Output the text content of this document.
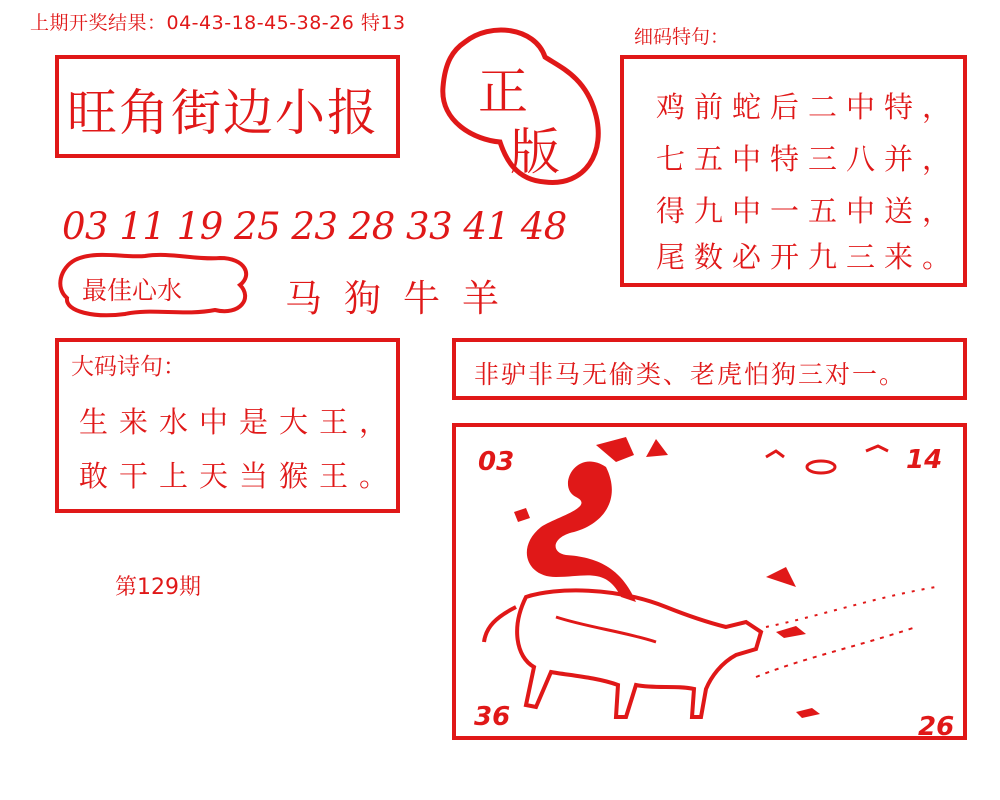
上期开奖结果：04-43-18-45-38-26 特13
旺角街边小报 正
版
03 11 19 25 23 28 33 41 48
最佳心水	马狗牛羊
细码特句：
鸡前蛇后二中特，
七五中特三八并，
得九中一五中送，
尾数必开九三来。
大码诗句：
生来水中是大王，
敢干上天当猴王。
非驴非马无偷类、老虎怕狗三对一。
第129期
03	14
36	26
